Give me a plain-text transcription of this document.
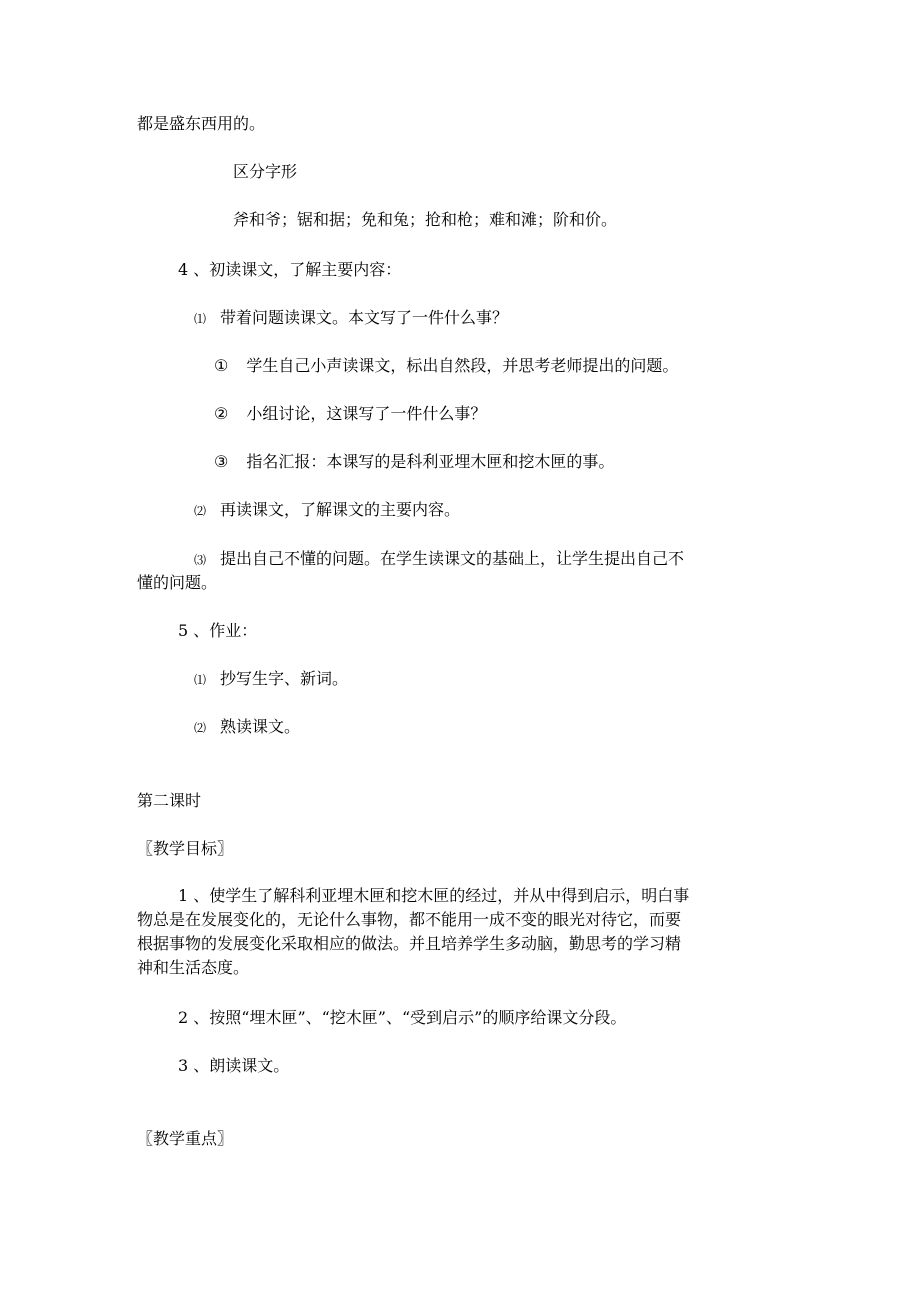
都是盛东西用的。

区分字形

斧和爷；锯和据；免和兔；抢和枪；难和滩；阶和价。

4 、初读课文，了解主要内容：

⑴ 带着问题读课文。本文写了一件什么事？

① 学生自己小声读课文，标出自然段，并思考老师提出的问题。

② 小组讨论，这课写了一件什么事？

③ 指名汇报：本课写的是科利亚埋木匣和挖木匣的事。

⑵ 再读课文，了解课文的主要内容。

⑶ 提出自己不懂的问题。在学生读课文的基础上，让学生提出自己不

懂的问题。

5 、作业：

⑴ 抄写生字、新词。

⑵ 熟读课文。

第二课时

〖教学目标〗

1 、使学生了解科利亚埋木匣和挖木匣的经过，并从中得到启示，明白事

物总是在发展变化的，无论什么事物，都不能用一成不变的眼光对待它，而要

根据事物的发展变化采取相应的做法。并且培养学生多动脑，勤思考的学习精

神和生活态度。

2 、按照“埋木匣”、“挖木匣”、“受到启示”的顺序给课文分段。

3 、朗读课文。

〖教学重点〗
